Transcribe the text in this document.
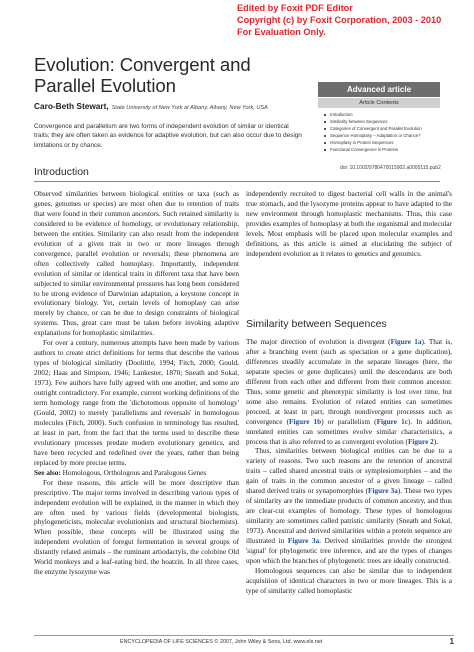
Edited by Foxit PDF Editor
Copyright (c) by Foxit Corporation, 2003 - 2010
For Evaluation Only.
Evolution: Convergent and Parallel Evolution
Caro-Beth Stewart, State University of New York at Albany, Albany, New York, USA

Convergence and parallelism are two forms of independent evolution of similar or identical traits; they are often taken as evidence for adaptive evolution, but can also occur due to design limitations or by chance.

Advanced article
Article Contents
Introduction
Similarity between Sequences
Categories of Convergent and Parallel Evolution
Sequence Homoplasy – Adaptation or Chance?
Homoplasy in Protein Sequences
Functional Convergence in Proteins
doi: 10.1002/9780470015902.a0005115.pub2
Introduction

Observed similarities between biological entities or taxa (such as genes, genomes or species) are most often due to retention of traits that were found in their common ancestors. Such retained similarity is considered to be evidence of homology, or evolutionary relationship, between the entities. Similarity can also result from the independent evolution of a given trait in two or more lineages through convergence, parallel evolution or reversals; these phenomena are often collectively called homoplasy. Importantly, independent evolution of similar or identical traits in different taxa that have been subjected to similar environmental pressures has long been considered to be strong evidence of Darwinian adaptation, a keystone concept in evolutionary biology. Yet, certain levels of homoplasy can arise merely by chance, or can be due to design constraints of biological systems. Thus, great care must be taken before invoking adaptive explanations for homoplastic similarities.

For over a century, numerous attempts have been made by various authors to create strict definitions for terms that describe the various types of biological similarity (Doolittle, 1994; Fitch, 2000; Gould, 2002; Haas and Simpson, 1946; Lankester, 1870; Sneath and Sokal, 1973). Few authors have fully agreed with one another, and some are outright contradictory. For example, current working definitions of the term homology range from the 'dichotomous opposite of homology' (Gould, 2002) to merely 'parallelisms and reversals' in homologous molecules (Fitch, 2000). Such confusion in terminology has resulted, at least in part, from the fact that the terms used to describe these evolutionary processes predate modern evolutionary genetics, and have been recycled and redefined over the years, rather than being replaced by more precise terms.

See also: Homologous, Orthologous and Paralogous Genes

For these reasons, this article will be more descriptive than prescriptive. The major terms involved in describing various types of independent evolution will be explained, in the manner in which they are often used by various fields (developmental biologists, phylogeneticists, molecular evolutionists and structural biochemists). When possible, these concepts will be illustrated using the independent evolution of foregut fermentation in several groups of distantly related animals – the ruminant artiodactyls, the colobine Old World monkeys and a leaf-eating bird, the hoatzin. In all three cases, the enzyme lysozyme was

independently recruited to digest bacterial cell walls in the animal's true stomach, and the lysozyme proteins appear to have adapted to the new environment through homoplastic mechanisms. Thus, this case provides examples of homoplasy at both the organismal and molecular levels. Most emphasis will be placed upon molecular examples and definitions, as this article is aimed at elucidating the subject of independent evolution as it relates to genetics and genomics.

Similarity between Sequences

The major direction of evolution is divergent (Figure 1a). That is, after a branching event (such as speciation or a gene duplication), differences steadily accumulate in the separate lineages (here, the separate species or gene duplicates) until the descendants are both different from each other and different from their common ancestor. Thus, some genetic and phenotypic similarity is lost over time, but some also remains. Evolution of related entities can sometimes proceed, at least in part, through nondivergent processes such as convergence (Figure 1b) or parallelism (Figure 1c). In addition, unrelated entities can sometimes evolve similar characteristics, a process that is also referred to as convergent evolution (Figure 2).

Thus, similarities between biological entities can be due to a variety of reasons. Two such reasons are the retention of ancestral traits – called shared ancestral traits or symplesiomorphies – and the gain of traits in the common ancestor of a given lineage – called shared derived traits or synapomorphies (Figure 3a). These two types of similarity are the immediate products of common ancestry, and thus are clear-cut examples of homology. These types of homologous similarity are sometimes called patristic similarity (Sneath and Sokal, 1973). Ancestral and derived similarities within a protein sequence are illustrated in Figure 3a. Derived similarities provide the strongest 'signal' for phylogenetic tree inference, and are the types of changes upon which the branches of phylogenetic trees are ideally constructed.

Homologous sequences can also be similar due to independent acquisition of identical characters in two or more lineages. This is a type of similarity called homoplastic

ENCYCLOPEDIA OF LIFE SCIENCES © 2007, John Wiley & Sons, Ltd. www.els.net	1
